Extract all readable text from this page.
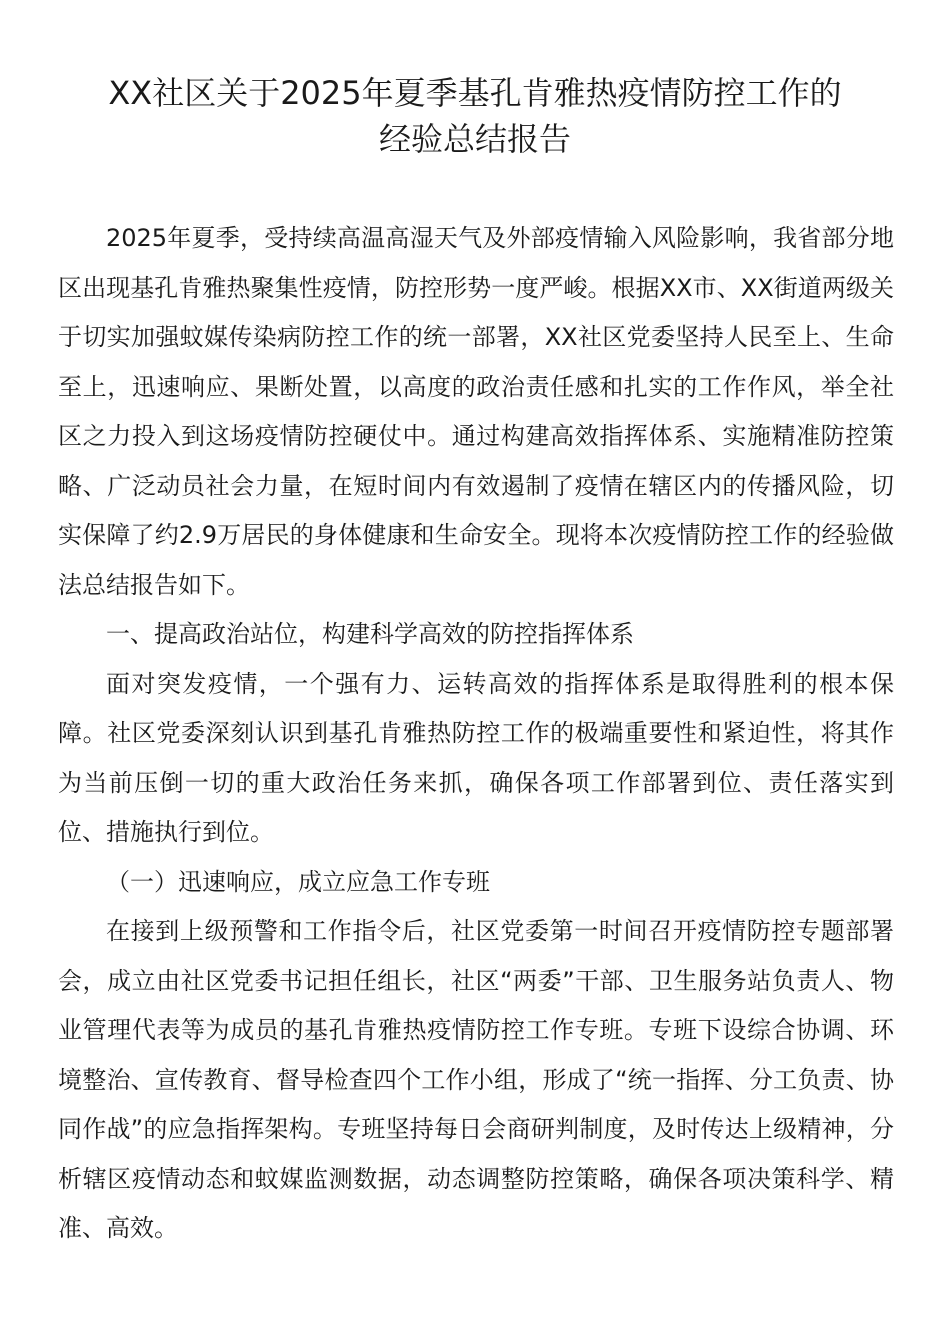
XX社区关于2025年夏季基孔肯雅热疫情防控工作的
经验总结报告

2025年夏季，受持续高温高湿天气及外部疫情输入风险影响，我省部分地区出现基孔肯雅热聚集性疫情，防控形势一度严峻。根据XX市、XX街道两级关于切实加强蚊媒传染病防控工作的统一部署，XX社区党委坚持人民至上、生命至上，迅速响应、果断处置，以高度的政治责任感和扎实的工作作风，举全社区之力投入到这场疫情防控硬仗中。通过构建高效指挥体系、实施精准防控策略、广泛动员社会力量，在短时间内有效遏制了疫情在辖区内的传播风险，切实保障了约2.9万居民的身体健康和生命安全。现将本次疫情防控工作的经验做法总结报告如下。

一、提高政治站位，构建科学高效的防控指挥体系

面对突发疫情，一个强有力、运转高效的指挥体系是取得胜利的根本保障。社区党委深刻认识到基孔肯雅热防控工作的极端重要性和紧迫性，将其作为当前压倒一切的重大政治任务来抓，确保各项工作部署到位、责任落实到位、措施执行到位。

（一）迅速响应，成立应急工作专班

在接到上级预警和工作指令后，社区党委第一时间召开疫情防控专题部署会，成立由社区党委书记担任组长，社区“两委”干部、卫生服务站负责人、物业管理代表等为成员的基孔肯雅热疫情防控工作专班。专班下设综合协调、环境整治、宣传教育、督导检查四个工作小组，形成了“统一指挥、分工负责、协同作战”的应急指挥架构。专班坚持每日会商研判制度，及时传达上级精神，分析辖区疫情动态和蚊媒监测数据，动态调整防控策略，确保各项决策科学、精准、高效。
